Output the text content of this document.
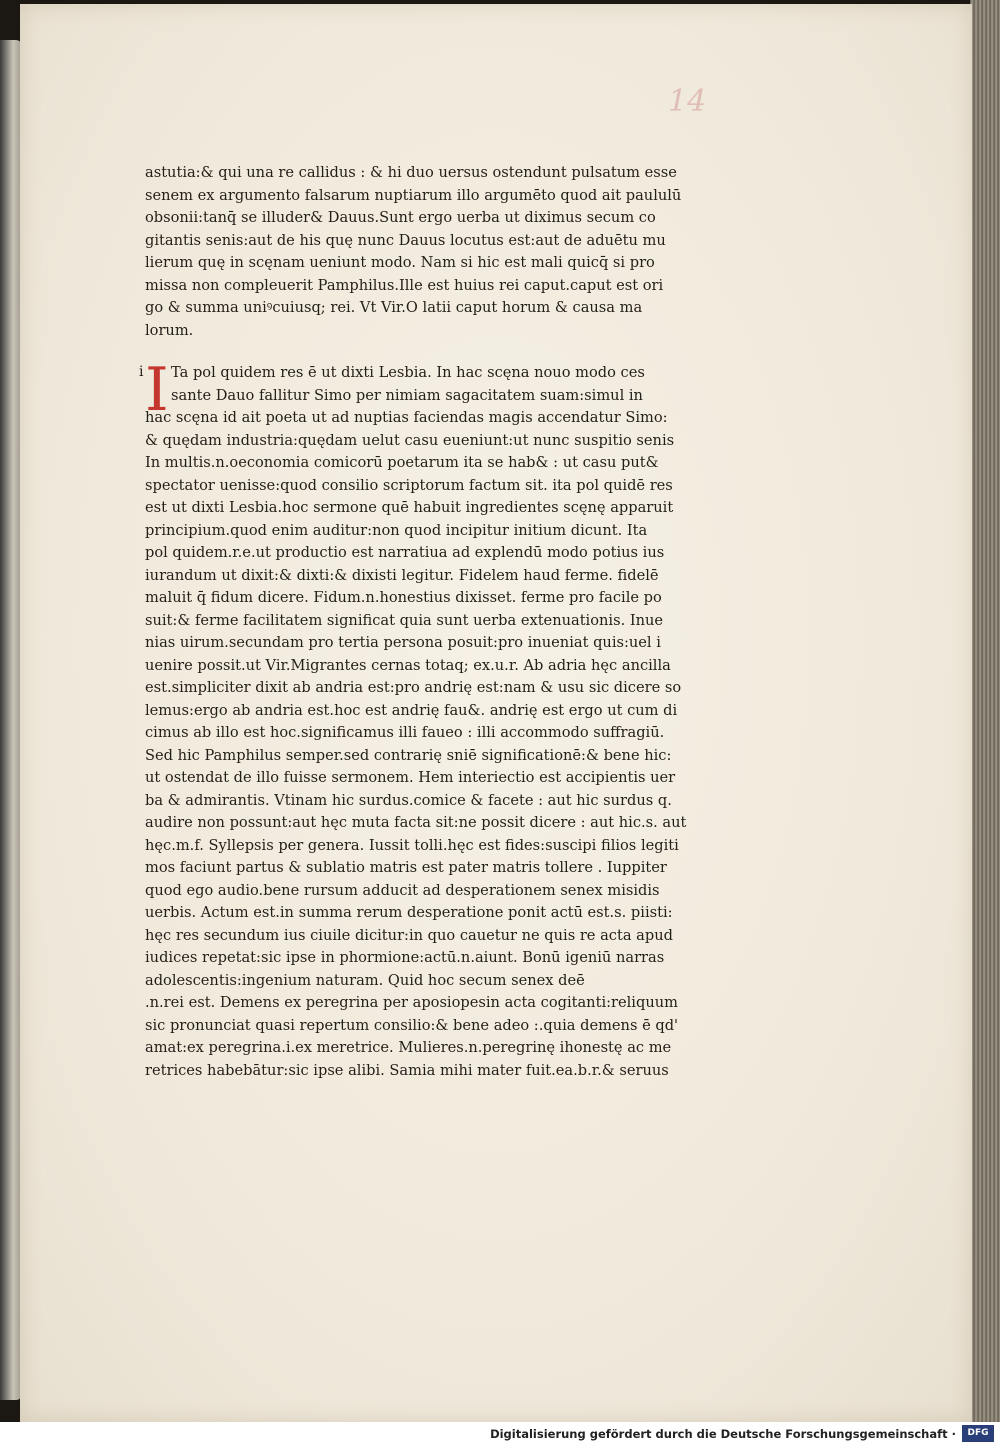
14
astutia:& qui una re callidus : & hi duo uersus ostendunt pulsatum esse
senem ex argumento falsarum nuptiarum illo argumēto quod ait paululū
obsonii:tanq̄ se illuder& Dauus.Sunt ergo uerba ut diximus secum co
gitantis senis:aut de his quę nunc Dauus locutus est:aut de aduētu mu
lierum quę in scęnam ueniunt modo. Nam si hic est mali quicq̄ si pro
missa non compleuerit Pamphilus.Ille est huius rei caput.caput est ori
go & summa uniꝰcuiusq; rei. Vt Vir.O latii caput horum & causa ma
lorum.
i I Ta pol quidem res ē ut dixti Lesbia. In hac scęna nouo modo ces
sante Dauo fallitur Simo per nimiam sagacitatem suam:simul in
hac scęna id ait poeta ut ad nuptias faciendas magis accendatur Simo:
& quędam industria:quędam uelut casu eueniunt:ut nunc suspitio senis
In multis.n.oeconomia comicorū poetarum ita se hab& : ut casu put&
spectator uenisse:quod consilio scriptorum factum sit. ita pol quidē res
est ut dixti Lesbia.hoc sermone quē habuit ingredientes scęnę apparuit
principium.quod enim auditur:non quod incipitur initium dicunt. Ita
pol quidem.r.e.ut productio est narratiua ad explendū modo potius ius
iurandum ut dixit:& dixti:& dixisti legitur. Fidelem haud ferme. fidelē
maluit q̄ fidum dicere. Fidum.n.honestius dixisset. ferme pro facile po
suit:& ferme facilitatem significat quia sunt uerba extenuationis. Inue
nias uirum.secundam pro tertia persona posuit:pro inueniat quis:uel i
uenire possit.ut Vir.Migrantes cernas totaq; ex.u.r. Ab adria hęc ancilla
est.simpliciter dixit ab andria est:pro andrię est:nam & usu sic dicere so
lemus:ergo ab andria est.hoc est andrię fau&. andrię est ergo ut cum di
cimus ab illo est hoc.significamus illi faueo : illi accommodo suffragiū.
Sed hic Pamphilus semper.sed contrarię sniē significationē:& bene hic:
ut ostendat de illo fuisse sermonem. Hem interiectio est accipientis uer
ba & admirantis. Vtinam hic surdus.comice & facete : aut hic surdus q.
audire non possunt:aut hęc muta facta sit:ne possit dicere : aut hic.s. aut
hęc.m.f. Syllepsis per genera. Iussit tolli.hęc est fides:suscipi filios legiti
mos faciunt partus & sublatio matris est pater matris tollere . Iuppiter
quod ego audio.bene rursum adducit ad desperationem senex misidis
uerbis. Actum est.in summa rerum desperatione ponit actū est.s. piisti:
hęc res secundum ius ciuile dicitur:in quo cauetur ne quis re acta apud
iudices repetat:sic ipse in phormione:actū.n.aiunt. Bonū igeniū narras
adolescentis:ingenium naturam. Quid hoc secum senex deē
.n.rei est. Demens ex peregrina per aposiopesin acta cogitanti:reliquum
sic pronunciat quasi repertum consilio:& bene adeo :.quia demens ē qd'
amat:ex peregrina.i.ex meretrice. Mulieres.n.peregrinę ihonestę ac me
retrices habebātur:sic ipse alibi. Samia mihi mater fuit.ea.b.r.& seruus
Digitalisierung gefördert durch die Deutsche Forschungsgemeinschaft ·	DFG
